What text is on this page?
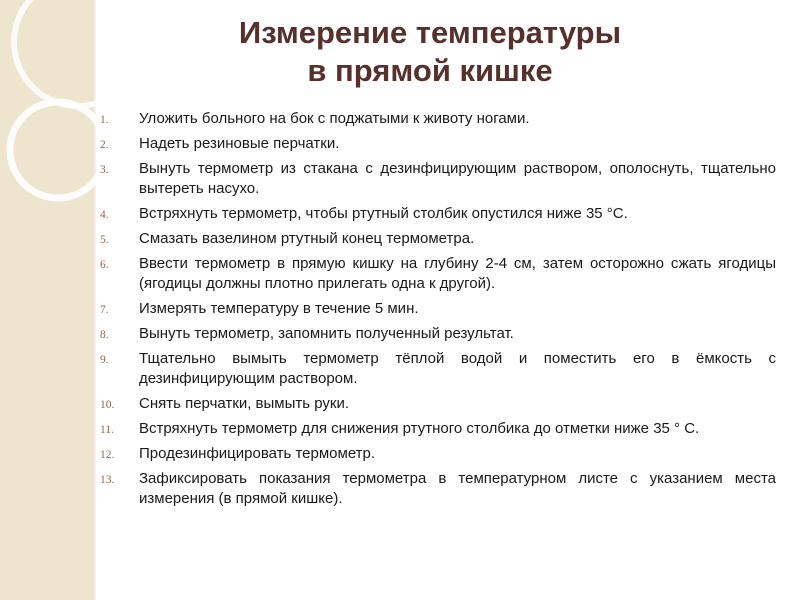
Измерение температуры
в прямой кишке
1.	Уложить больного на бок с поджатыми к животу ногами.
2.	Надеть резиновые перчатки.
3.	Вынуть термометр из стакана с дезинфицирующим раствором, ополоснуть, тщательно вытереть насухо.
4.	Встряхнуть термометр, чтобы ртутный столбик опустился ниже 35 °С.
5.	Смазать вазелином ртутный конец термометра.
6.	Ввести термометр в прямую кишку на глубину 2-4 см, затем осторожно сжать ягодицы (ягодицы должны плотно прилегать одна к другой).
7.	Измерять температуру в течение 5 мин.
8.	Вынуть термометр, запомнить полученный результат.
9.	Тщательно вымыть термометр тёплой водой и поместить его в ёмкость с дезинфицирующим раствором.
10.	Снять перчатки, вымыть руки.
11.	Встряхнуть термометр для снижения ртутного столбика до отметки ниже 35 ° С.
12.	Продезинфицировать термометр.
13.	Зафиксировать показания термометра в температурном листе с указанием места измерения (в прямой кишке).
